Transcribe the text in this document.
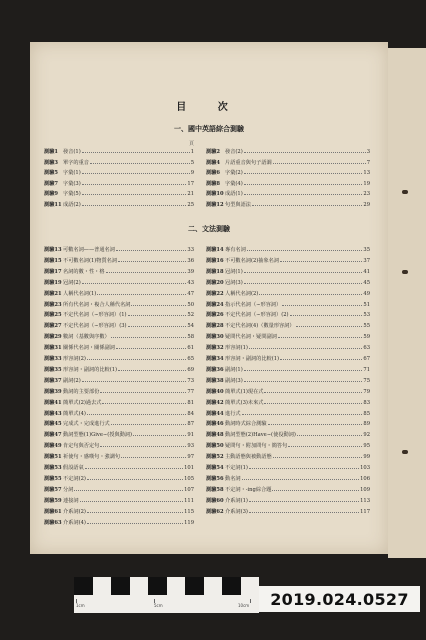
目 次
一、國中英語綜合測驗
頁
測驗1 發音(1)	1
測驗3 單字的重音	5
測驗5 字彙(1)	9
測驗7 字彙(3)	17
測驗9 字彙(5)	21
測驗11 成語(2)	25
測驗2 發音(2)	3
測驗4 片語重音與句子語調	7
測驗6 字彙(2)	13
測驗8 字彙(4)	19
測驗10 成語(1)	23
測驗12 句型與語法	29
二、文法測驗
測驗13 可數名詞——普通名詞	33
測驗15 不可數名詞(1)物質名詞	36
測驗17 名詞的數・性・格	39
測驗19 冠詞(2)	43
測驗21 人稱代名詞(1)	47
測驗23 所有代名詞・複合人稱代名詞	50
測驗25 不定代名詞（∼形容詞）(1)	52
測驗27 不定代名詞（∼形容詞）(3)	54
測驗29 數詞（基數與序數）	58
測驗31 關係代名詞・關係副詞	61
測驗33 形容詞(2)	65
測驗35 形容詞・副詞的比較(1)	69
測驗37 副詞(2)	73
測驗39 動詞的主要部份	77
測驗41 簡單式(2)過去式	81
測驗43 簡單式(4)	84
測驗45 完成式・完成進行式	87
測驗47 動詞型態(1)Give∼(授與動詞)	91
測驗49 肯定句與否定句	93
測驗51 祈使句・感嘆句・強調句	97
測驗53 假設語氣	101
測驗55 不定詞(2)	105
測驗57 分詞	107
測驗59 連接詞	111
測驗61 介系詞(2)	115
測驗63 介系詞(4)	119
測驗14 專有名詞	35
測驗16 不可數名詞(2)抽象名詞	37
測驗18 冠詞(1)	41
測驗20 冠詞(3)	45
測驗22 人稱代名詞(2)	49
測驗24 指示代名詞（∼形容詞）	51
測驗26 不定代名詞（∼形容詞）(2)	53
測驗28 不定代名詞(4)（數量形容詞）	55
測驗30 疑問代名詞・疑問副詞	59
測驗32 形容詞(1)	63
測驗34 形容詞・副詞的比較(1)	67
測驗36 副詞(1)	71
測驗38 副詞(3)	75
測驗40 簡單式(1)現在式	79
測驗42 簡單式(3)未來式	83
測驗44 進行式	85
測驗46 動詞時式綜合測驗	89
測驗48 動詞型態(2)Have∼(使役動詞)	92
測驗50 疑問句・附加問句・簡答句	95
測驗52 主動語態與被動語態	99
測驗54 不定詞(1)	103
測驗56 動名詞	106
測驗58 不定詞・-ing綜合題	109
測驗60 介系詞(1)	113
測驗62 介系詞(3)	117
1cm	5cm	10cm	2019.024.0527
